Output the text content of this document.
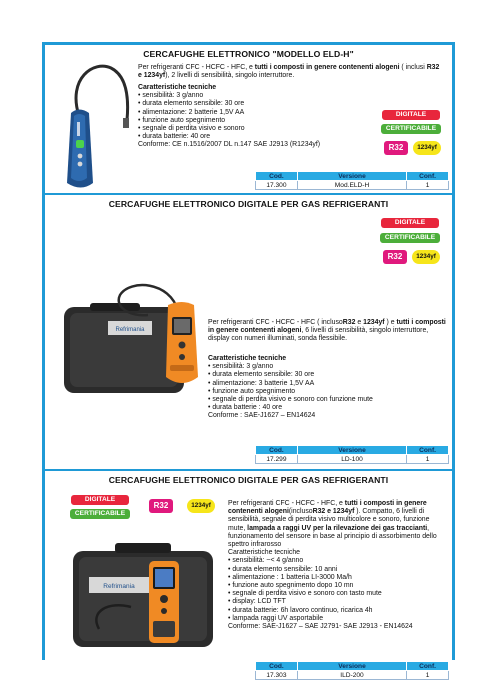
CERCAFUGHE ELETTRONICO "MODELLO ELD-H"
Per refrigeranti CFC - HCFC - HFC, e tutti i composti in genere contenenti alogeni ( inclusi R32 e 1234yf), 2 livelli di sensibilità, singolo interruttore.
Caratteristiche tecniche
• sensibilità: 3 g/anno
• durata elemento sensibile: 30 ore
• alimentazione: 2 batterie 1,5V AA
• funzione auto spegnimento
• segnale di perdita visivo e sonoro
• durata batterie: 40 ore
Conforme: CE n.1516/2007 DL n.147 SAE J2913 (R1234yf)
DIGITALE
CERTIFICABILE
R32	1234yf
Cod.	Versione	Conf.
17.300	Mod.ELD-H	1
CERCAFUGHE ELETTRONICO DIGITALE PER GAS REFRIGERANTI
DIGITALE
CERTIFICABILE
R32	1234yf
Refrimania
Per refrigeranti CFC - HCFC - HFC ( inclusoR32 e 1234yf ) e tutti i composti in genere contenenti alogeni, 6 livelli di sensibilità, singolo interruttore, display con numeri illuminati, sonda flessibile.
Caratteristiche tecniche
• sensibilità: 3 g/anno
• durata elemento sensibile: 30 ore
• alimentazione: 3 batterie 1,5V AA
• funzione auto spegnimento
• segnale di perdita visivo e sonoro con funzione mute
• durata batterie : 40 ore
Conforme : SAE-J1627 – EN14624
Cod.	Versione	Conf.
17.299	LD-100	1
CERCAFUGHE ELETTRONICO DIGITALE PER GAS REFRIGERANTI
DIGITALE
CERTIFICABILE
R32	1234yf
Refrimania
Per refrigeranti CFC - HCFC - HFC, e tutti i composti in genere contenenti alogeni(inclusoR32 e 1234yf ). Compatto, 6 livelli di sensibilità, segnale di perdita visivo multicolore e sonoro, funzione mute, lampada a raggi UV per la rilevazione dei gas traccianti, funzionamento del sensore in base al principio di assorbimento dello spettro infrarosso
Caratteristiche tecniche
• sensibilità: ~< 4 g/anno
• durata elemento sensibile: 10 anni
• alimentazione : 1 batteria LI-3000 Ma/h
• funzione auto spegnimento dopo 10 mn
• segnale di perdita visivo e sonoro con tasto mute
• display: LCD TFT
• durata batterie: 6h lavoro continuo, ricarica 4h
• lampada raggi UV asportabile
Conforme: SAE-J1627 – SAE J2791- SAE J2913 - EN14624
Cod.	Versione	Conf.
17.303	ILD-200	1
24
